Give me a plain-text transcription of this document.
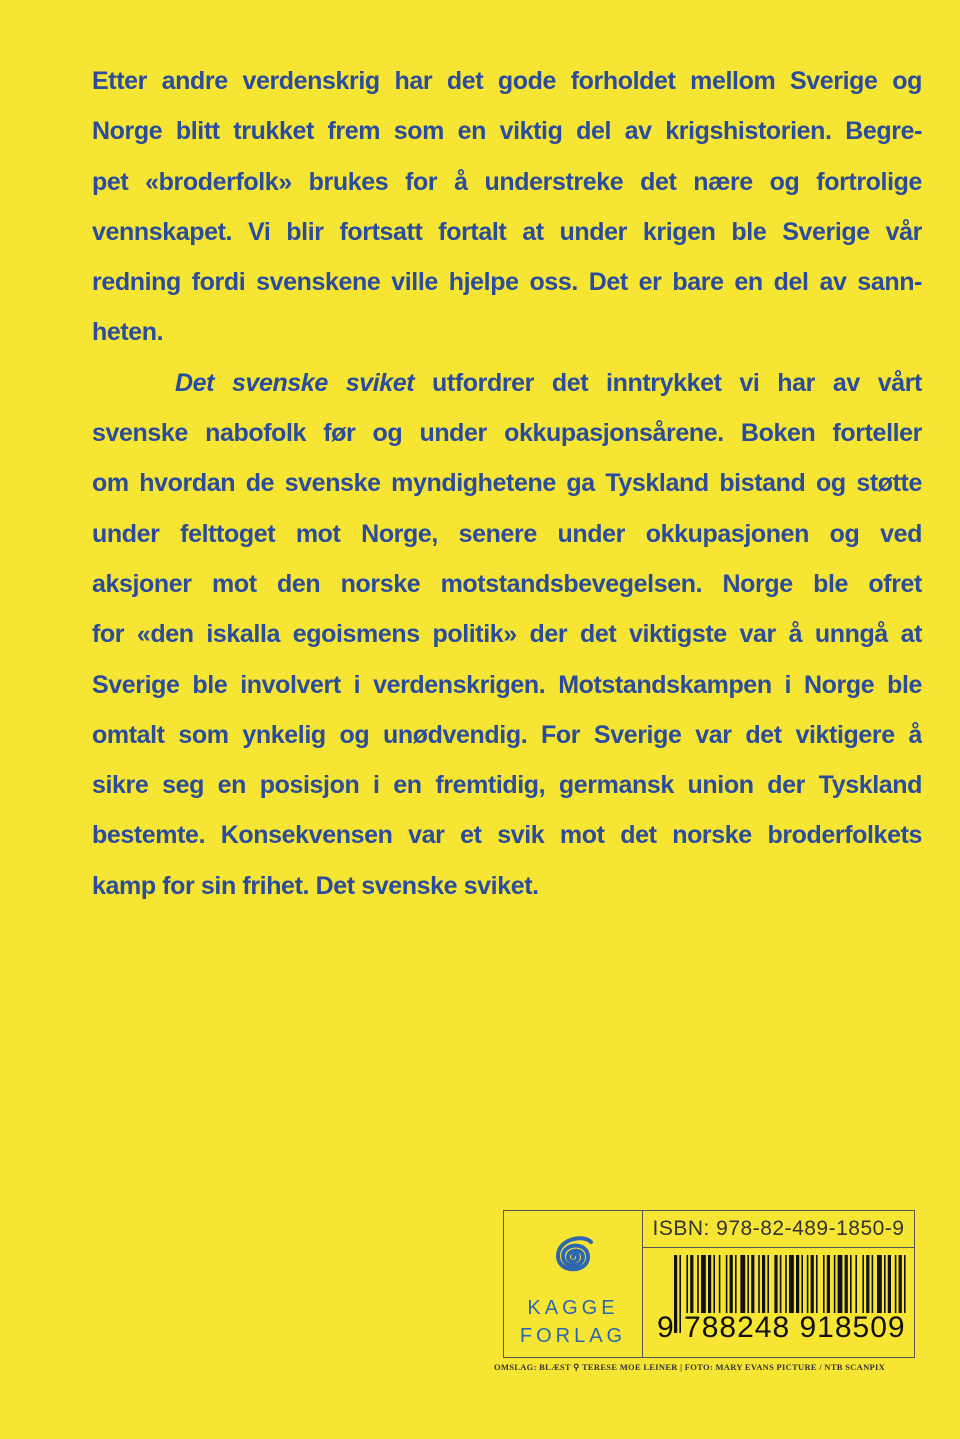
Etter andre verdenskrig har det gode forholdet mellom Sverige og
Norge blitt trukket frem som en viktig del av krigshistorien. Begre-
pet «broderfolk» brukes for å understreke det nære og fortrolige
vennskapet. Vi blir fortsatt fortalt at under krigen ble Sverige vår
redning fordi svenskene ville hjelpe oss. Det er bare en del av sann-
heten.
Det svenske sviket utfordrer det inntrykket vi har av vårt
svenske nabofolk før og under okkupasjonsårene. Boken forteller
om hvordan de svenske myndighetene ga Tyskland bistand og støtte
under felttoget mot Norge, senere under okkupasjonen og ved
aksjoner mot den norske motstandsbevegelsen. Norge ble ofret
for «den iskalla egoismens politik» der det viktigste var å unngå at
Sverige ble involvert i verdenskrigen. Motstandskampen i Norge ble
omtalt som ynkelig og unødvendig. For Sverige var det viktigere å
sikre seg en posisjon i en fremtidig, germansk union der Tyskland
bestemte. Konsekvensen var et svik mot det norske broderfolkets
kamp for sin frihet. Det svenske sviket.
KAGGE
FORLAG
ISBN: 978-82-489-1850-9
9 788248 918509
OMSLAG: BLÆST ⚲ TERESE MOE LEINER | FOTO: MARY EVANS PICTURE / NTB SCANPIX
